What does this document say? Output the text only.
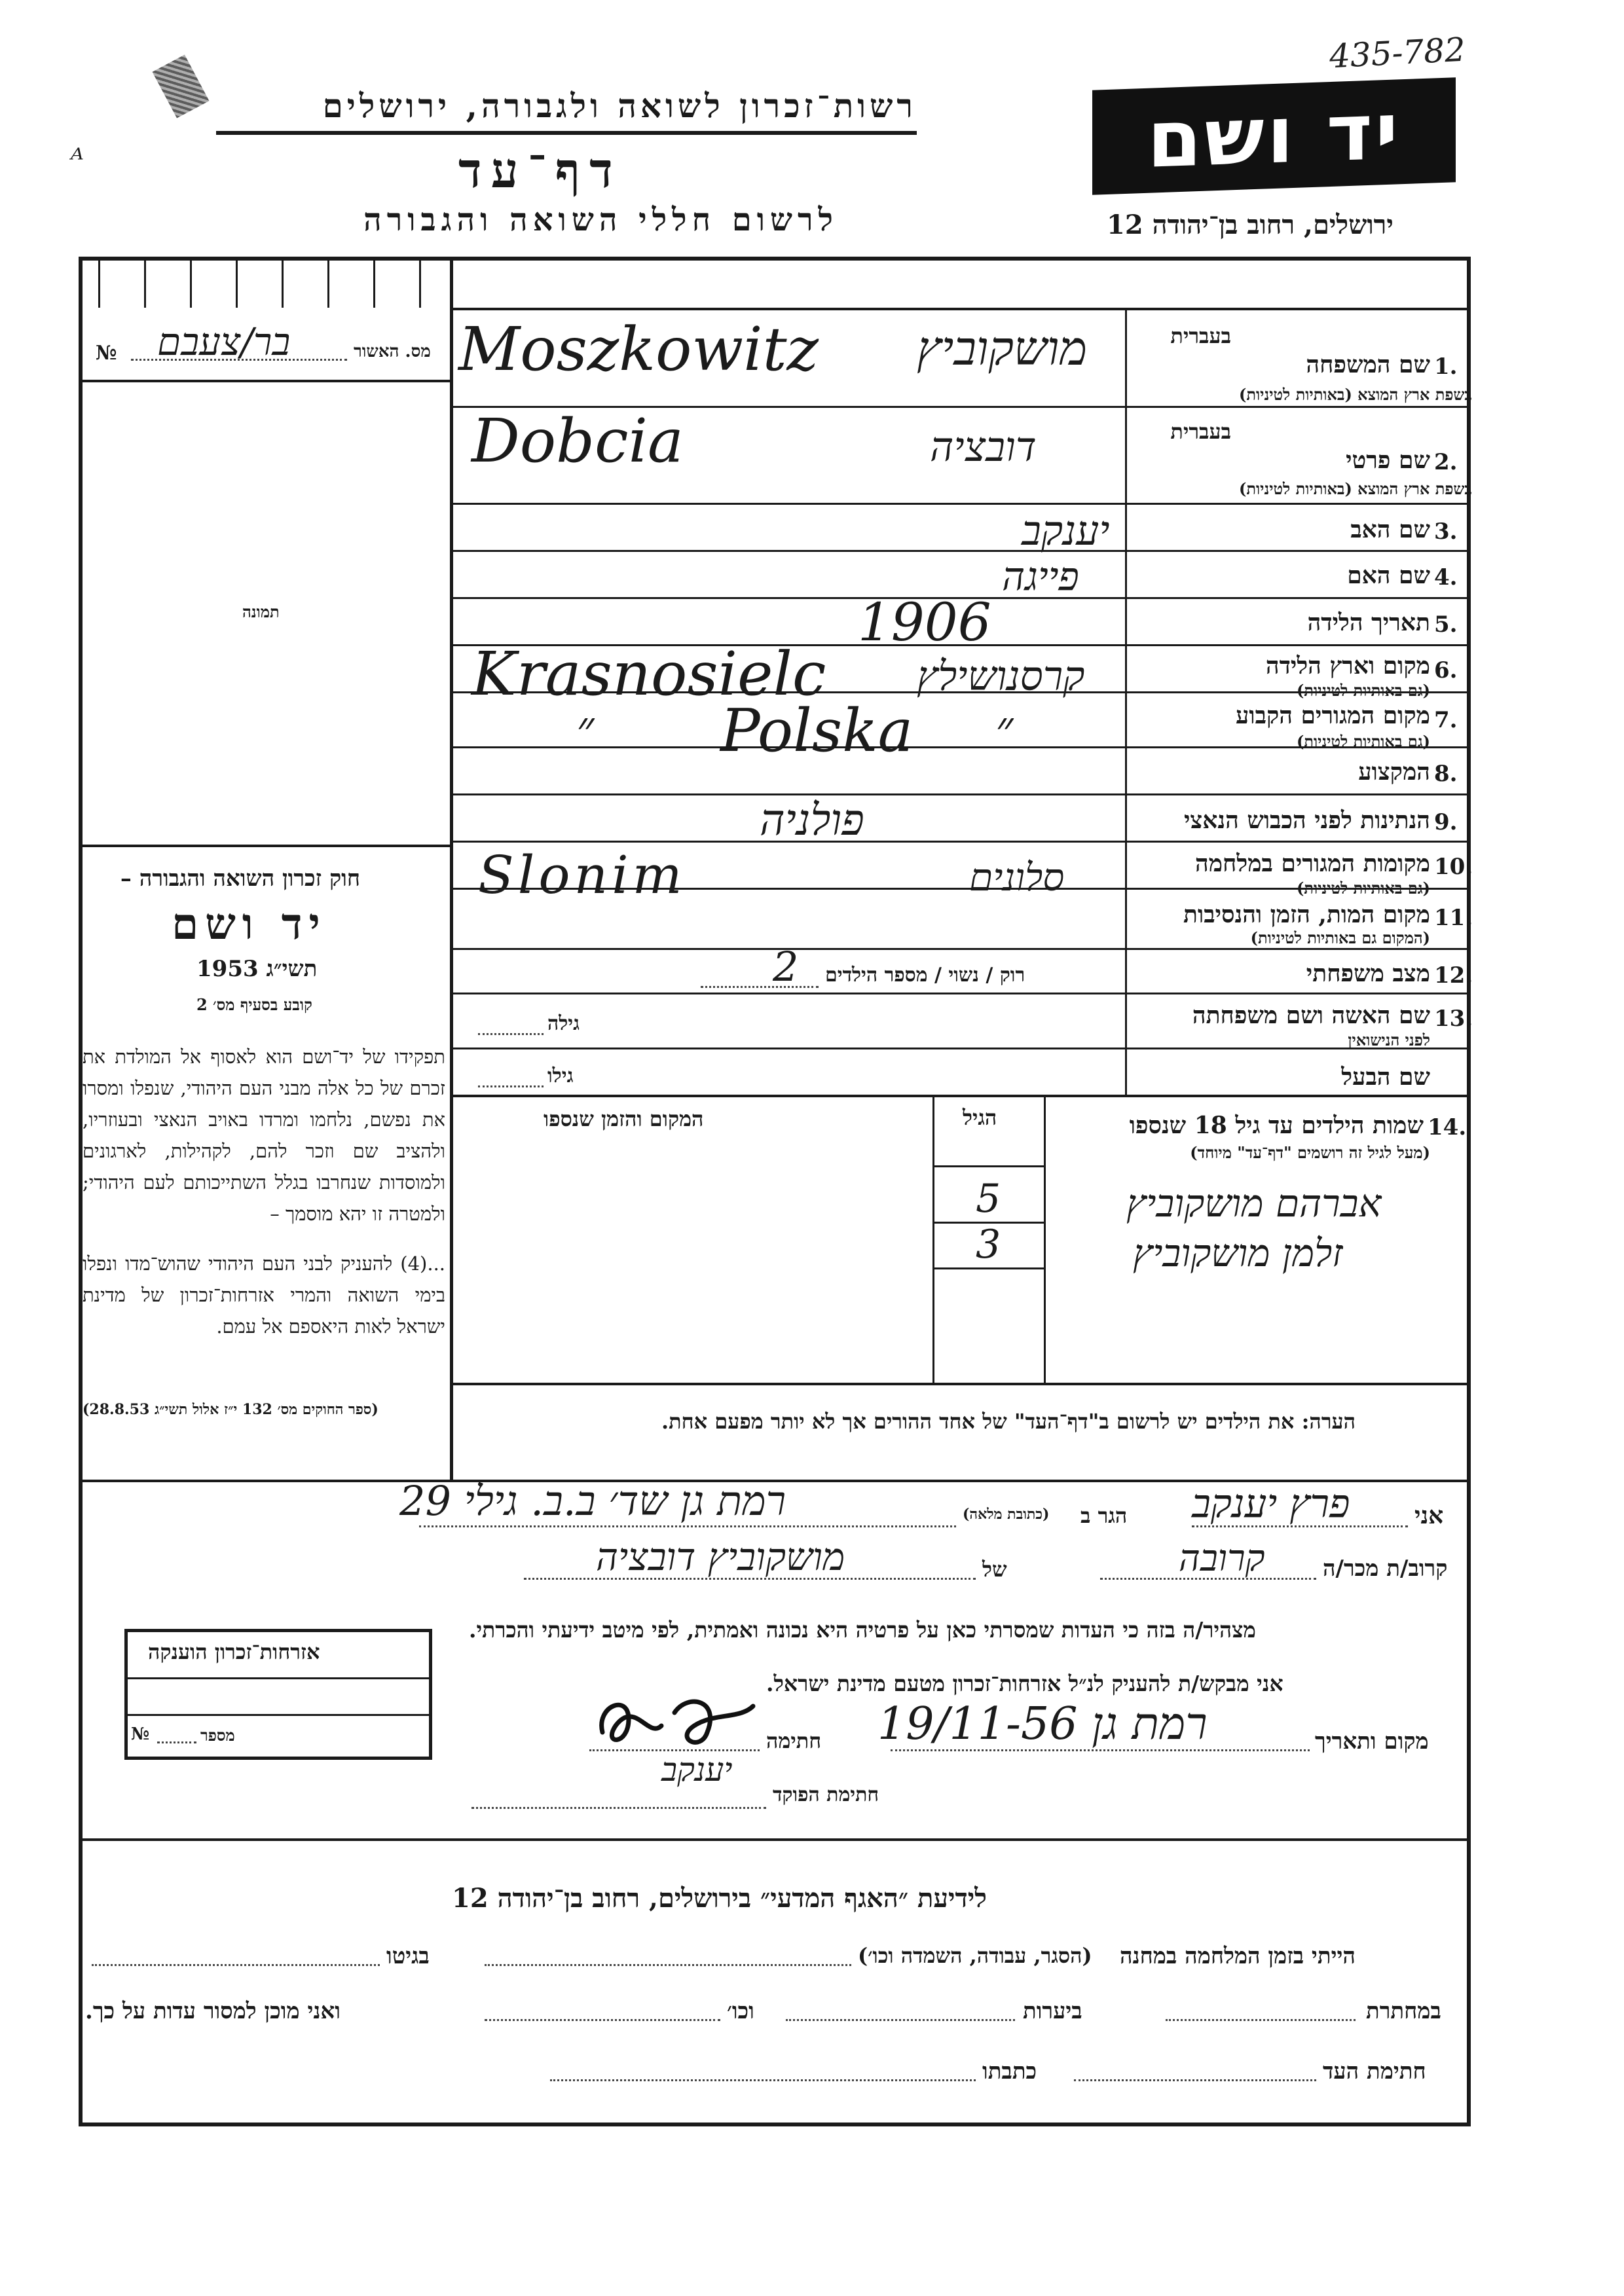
ᴬ
רשות־זכרון לשואה ולגבורה, ירושלים
דף־עד
לרשום חללי השואה והגבורה
435-782
יד ושם
ירושלים, רחוב בן־יהודה 12
№ בר/צעבם	מס. האשור
תמונה
חוק זכרון השואה והגבורה –
יד ושם
תשי״ג 1953
קובע בסעיף מס׳ 2
תפקידו של יד־ושם הוא לאסוף אל המו‏לדת את זכרם של כל אלה מבני העם היהודי, שנפלו ומסרו את נפשם, נלחמו ומרדו באויב הנאצי ובעוזריו, ולהציב שם וזכר להם, לקהילות, לארגונים ולמוסדות שנחרבו בגלל השתייכותם לעם היהודי; ולמטרה זו יהא מוסמך –
...(4) להעניק לבני העם היהודי שהוש־מדו ונפלו בימי השואה והמרי אזרחות־זכרון של מדינת ישראל לאות היאספם אל עמם.
(ספר החוקים מס׳ 132 י״ז אלול תשי״ג 28.8.53)
1.
שם המשפחה
בשפת ארץ המוצא (באותיות לטיניות)
בעברית
Moszkowitz מושקוביץ
2.
שם פרטי
בשפת ארץ המוצא (באותיות לטיניות)
בעברית
Dobcia	דובציה
3.
שם האב
יענקב
4.
שם האם
פייגה
5.
תאריך הלידה
1906
6.
מקום וארץ הלידה
(גם באותיות לטיניות)
Krasnosielc קרסנושילץ
7.
מקום המגורים הקבוע
(גם באותיות לטיניות)
״ Polska ״
8.
המקצוע
9.
הנתינות לפני הכבוש הנאצי
פולניה
10.
מקומות המגורים במלחמה
(גם באותיות לטיניות)
Slonim	סלונים
11.
מקום המות, הזמן והנסיבות
(המקום גם באותיות לטיניות)
12.
מצב משפחתי
רוק / נשוי / מספר הילדים
2
13.
שם האשה ושם משפחתה
לפני הנישואין
גילה
שם הבעל
גילו
14.
שמות הילדים עד גיל 18 שנספו
(מעל לגיל זה רושמים "דף־עד" מיוחד)
הגיל
המקום והזמן שנספו
אברהם מושקוביץ
5
זלמן מושקוביץ
3
הערה: את הילדים יש לרשום ב"דף־העד" של אחד ההורים אך לא יותר מפעם אחת.
אני
פרץ יענקב
הגר ב
(כתובת מלאה)
רמת גן שד׳ ב.ב. גילי 29
קרוב/ת מכר/ה
קרובה
של
מושקוביץ דובציה
מצהיר/ה בזה כי העדות שמסרתי כאן על פרטיה היא נכונה ואמתית, לפי מיטב ידיעתי והכרתי.
אני מבקש/ת להעניק לנ״ל אזרחות־זכרון מטעם מדינת ישראל.
מקום ותאריך
רמת גן 19/11-56
חתימה
חתימת הפוקד
יענקב
אזרחות־זכרון הוענקה
מספר
№
לידיעת ״האגף המדעי״ בירושלים, רחוב בן־יהודה 12
הייתי בזמן המלחמה במחנה
(הסגר, עבודה, השמדה וכו׳)
בגיטו
במחתרת
ביערות
וכו׳
ואני מוכן למסור עדות על כך.
חתימת העד
כתבתו
